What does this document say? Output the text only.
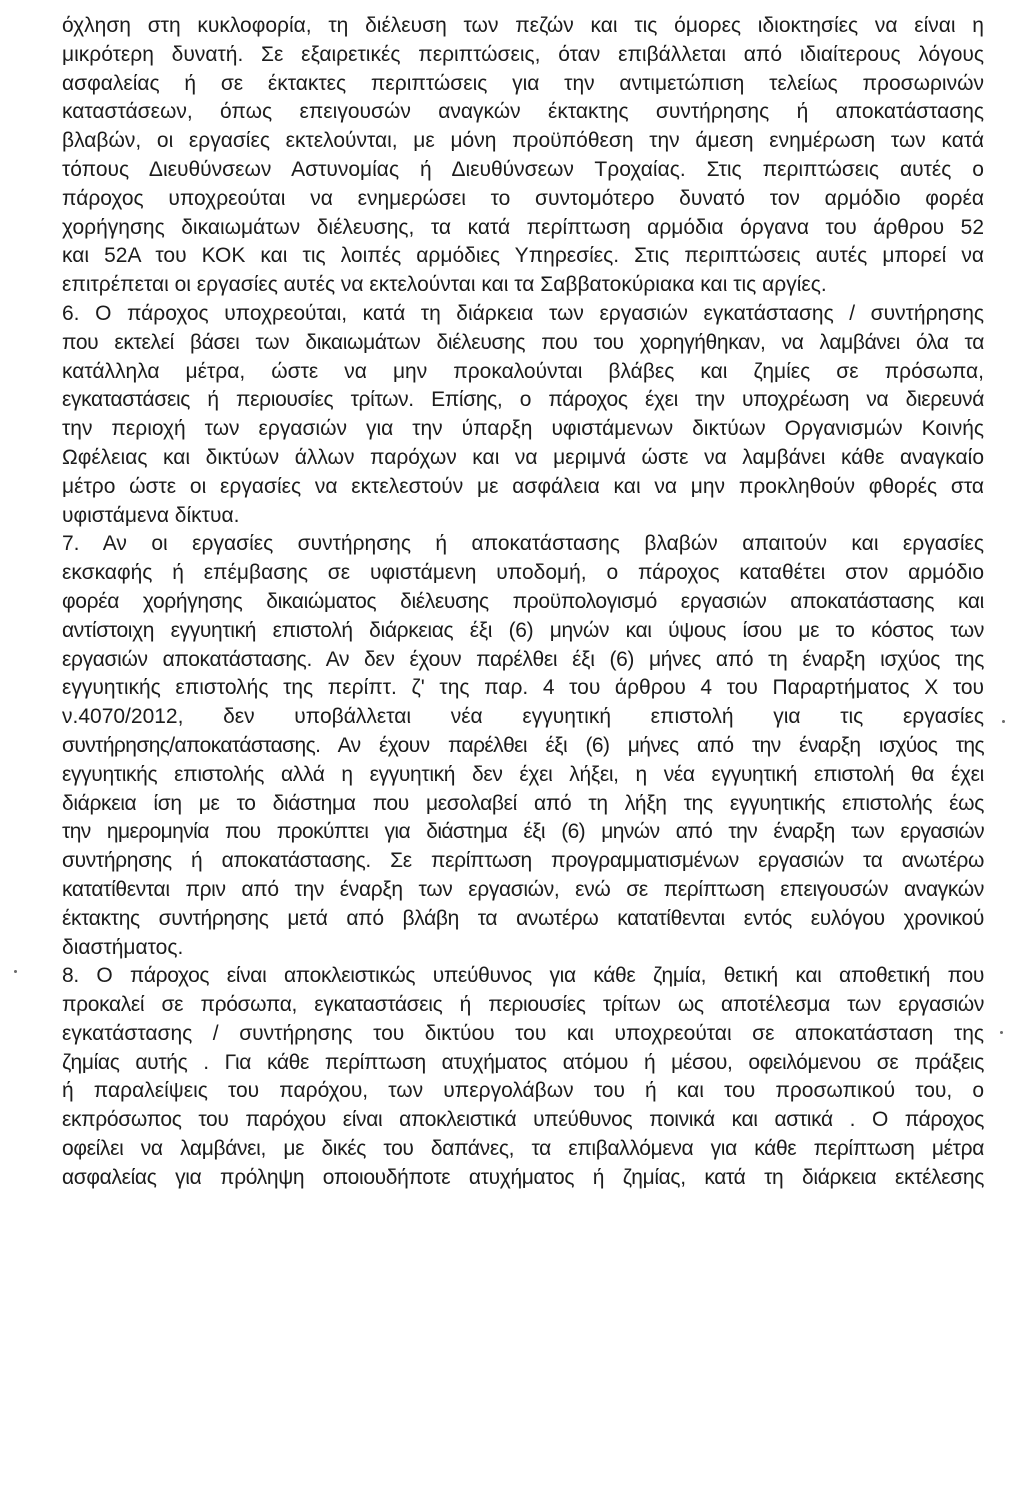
όχληση στη κυκλοφορία, τη διέλευση των πεζών και τις όμορες ιδιοκτησίες να είναι η
μικρότερη δυνατή. Σε εξαιρετικές περιπτώσεις, όταν επιβάλλεται από ιδιαίτερους λόγους
ασφαλείας ή σε έκτακτες περιπτώσεις για την αντιμετώπιση τελείως προσωρινών
καταστάσεων, όπως επειγουσών αναγκών έκτακτης συντήρησης ή αποκατάστασης
βλαβών, οι εργασίες εκτελούνται, με μόνη προϋπόθεση την άμεση ενημέρωση των κατά
τόπους Διευθύνσεων Αστυνομίας ή Διευθύνσεων Τροχαίας. Στις περιπτώσεις αυτές ο
πάροχος υποχρεούται να ενημερώσει το συντομότερο δυνατό τον αρμόδιο φορέα
χορήγησης δικαιωμάτων διέλευσης, τα κατά περίπτωση αρμόδια όργανα του άρθρου 52
και 52Α του ΚΟΚ και τις λοιπές αρμόδιες Υπηρεσίες. Στις περιπτώσεις αυτές μπορεί να
επιτρέπεται οι εργασίες αυτές να εκτελούνται και τα Σαββατοκύριακα και τις αργίες.
6. Ο πάροχος υποχρεούται, κατά τη διάρκεια των εργασιών εγκατάστασης / συντήρησης
που εκτελεί βάσει των δικαιωμάτων διέλευσης που του χορηγήθηκαν, να λαμβάνει όλα τα
κατάλληλα μέτρα, ώστε να μην προκαλούνται βλάβες και ζημίες σε πρόσωπα,
εγκαταστάσεις ή περιουσίες τρίτων. Επίσης, ο πάροχος έχει την υποχρέωση να διερευνά
την περιοχή των εργασιών για την ύπαρξη υφιστάμενων δικτύων Οργανισμών Κοινής
Ωφέλειας και δικτύων άλλων παρόχων και να μεριμνά ώστε να λαμβάνει κάθε αναγκαίο
μέτρο ώστε οι εργασίες να εκτελεστούν με ασφάλεια και να μην προκληθούν φθορές στα
υφιστάμενα δίκτυα.
7. Αν οι εργασίες συντήρησης ή αποκατάστασης βλαβών απαιτούν και εργασίες
εκσκαφής ή επέμβασης σε υφιστάμενη υποδομή, ο πάροχος καταθέτει στον αρμόδιο
φορέα χορήγησης δικαιώματος διέλευσης προϋπολογισμό εργασιών αποκατάστασης και
αντίστοιχη εγγυητική επιστολή διάρκειας έξι (6) μηνών και ύψους ίσου με το κόστος των
εργασιών αποκατάστασης. Αν δεν έχουν παρέλθει έξι (6) μήνες από τη έναρξη ισχύος της
εγγυητικής επιστολής της περίπτ. ζ' της παρ. 4 του άρθρου 4 του Παραρτήματος Χ του
ν.4070/2012, δεν υποβάλλεται νέα εγγυητική επιστολή για τις εργασίες
συντήρησης/αποκατάστασης. Αν έχουν παρέλθει έξι (6) μήνες από την έναρξη ισχύος της
εγγυητικής επιστολής αλλά η εγγυητική δεν έχει λήξει, η νέα εγγυητική επιστολή θα έχει
διάρκεια ίση με το διάστημα που μεσολαβεί από τη λήξη της εγγυητικής επιστολής έως
την ημερομηνία που προκύπτει για διάστημα έξι (6) μηνών από την έναρξη των εργασιών
συντήρησης ή αποκατάστασης. Σε περίπτωση προγραμματισμένων εργασιών τα ανωτέρω
κατατίθενται πριν από την έναρξη των εργασιών, ενώ σε περίπτωση επειγουσών αναγκών
έκτακτης συντήρησης μετά από βλάβη τα ανωτέρω κατατίθενται εντός ευλόγου χρονικού
διαστήματος.
8. Ο πάροχος είναι αποκλειστικώς υπεύθυνος για κάθε ζημία, θετική και αποθετική που
προκαλεί σε πρόσωπα, εγκαταστάσεις ή περιουσίες τρίτων ως αποτέλεσμα των εργασιών
εγκατάστασης / συντήρησης του δικτύου του και υποχρεούται σε αποκατάσταση της
ζημίας αυτής . Για κάθε περίπτωση ατυχήματος ατόμου ή μέσου, οφειλόμενου σε πράξεις
ή παραλείψεις του παρόχου, των υπεργολάβων του ή και του προσωπικού του, ο
εκπρόσωπος του παρόχου είναι αποκλειστικά υπεύθυνος ποινικά και αστικά . Ο πάροχος
οφείλει να λαμβάνει, με δικές του δαπάνες, τα επιβαλλόμενα για κάθε περίπτωση μέτρα
ασφαλείας για πρόληψη οποιουδήποτε ατυχήματος ή ζημίας, κατά τη διάρκεια εκτέλεσης
